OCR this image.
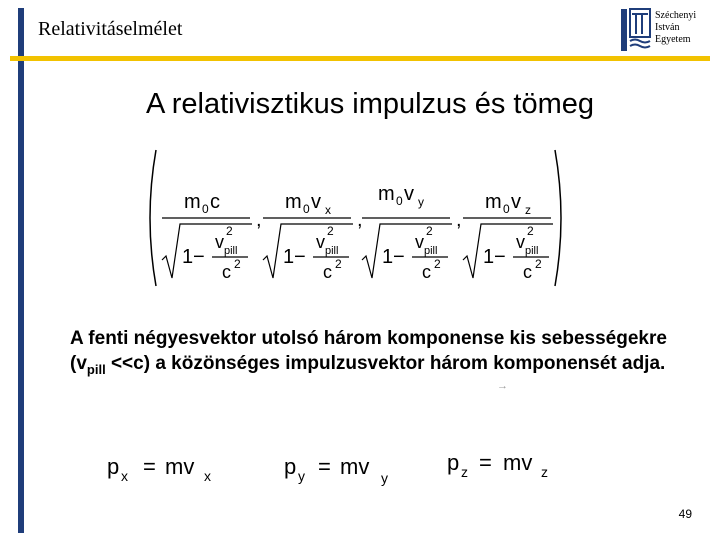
Relativitáselmélet
Széchenyi
István
Egyetem
A relativisztikus impulzus és tömeg
m 0 c
1 −
v
2
pill
c 2
,
m 0 v x
1 −
v
2
pill
c 2
,
m 0 v y
1 −
v
2
pill
c 2
,
m 0 v z
1 −
v
2
pill
c 2
A fenti négyesvektor utolsó három komponense kis sebességekre $(v_{pill} <<c)$ a közönséges impulzusvektor három komponensét adja.
→
p x = mv x	p y = mv y
p z = mv z
49
